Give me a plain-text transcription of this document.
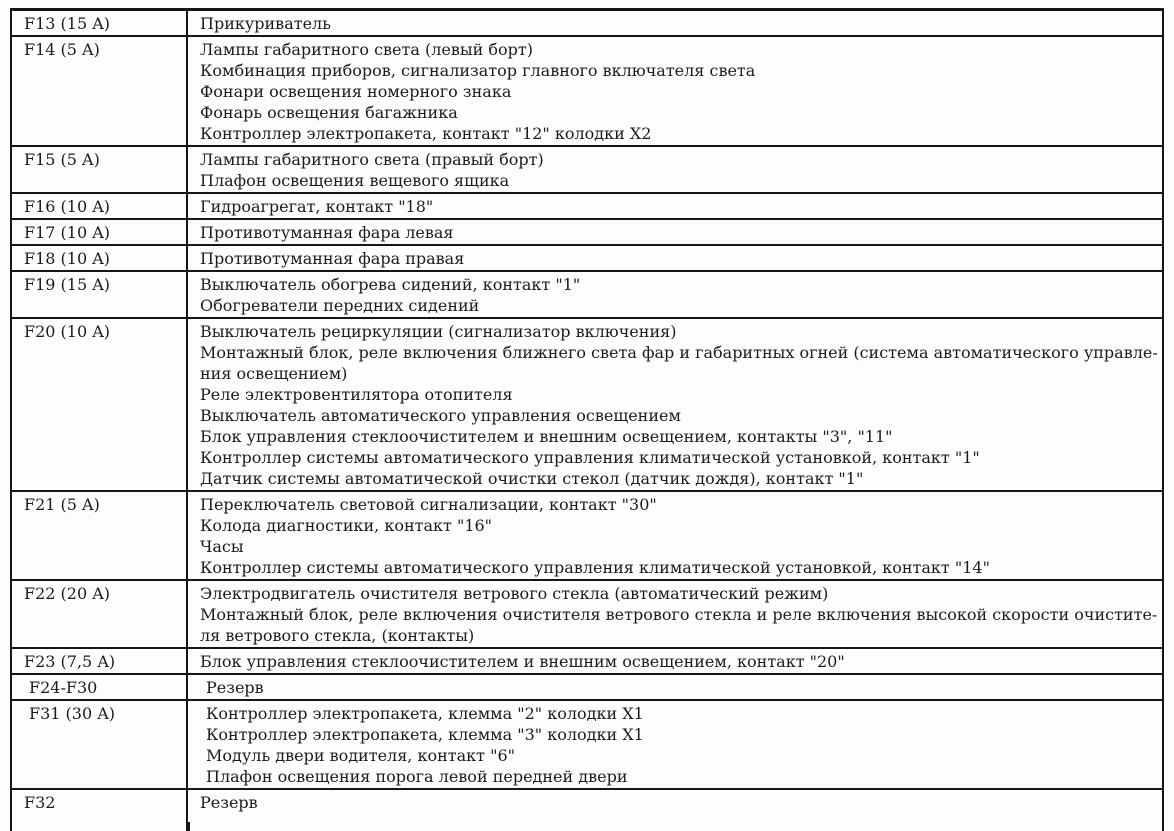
F13 (15 A)	Прикуриватель
F14 (5 A)	Лампы габаритного света (левый борт)
Комбинация приборов, сигнализатор главного включателя света
Фонари освещения номерного знака
Фонарь освещения багажника
Контроллер электропакета, контакт "12" колодки Х2
F15 (5 A)	Лампы габаритного света (правый борт)
Плафон освещения вещевого ящика
F16 (10 A)	Гидроагрегат, контакт "18"
F17 (10 A)	Противотуманная фара левая
F18 (10 A)	Противотуманная фара правая
F19 (15 A)	Выключатель обогрева сидений, контакт "1"
Обогреватели передних сидений
F20 (10 A)	Выключатель рециркуляции (сигнализатор включения)
Монтажный блок, реле включения ближнего света фар и габаритных огней (система автоматического управле-
ния освещением)
Реле электровентилятора отопителя
Выключатель автоматического управления освещением
Блок управления стеклоочистителем и внешним освещением, контакты "3", "11"
Контроллер системы автоматического управления климатической установкой, контакт "1"
Датчик системы автоматической очистки стекол (датчик дождя), контакт "1"
F21 (5 A)	Переключатель световой сигнализации, контакт "30"
Колода диагностики, контакт "16"
Часы
Контроллер системы автоматического управления климатической установкой, контакт "14"
F22 (20 A)	Электродвигатель очистителя ветрового стекла (автоматический режим)
Монтажный блок, реле включения очистителя ветрового стекла и реле включения высокой скорости очистите-
ля ветрового стекла, (контакты)
F23 (7,5 A)	Блок управления стеклоочистителем и внешним освещением, контакт "20"
F24-F30	Резерв
F31 (30 A)	Контроллер электропакета, клемма "2" колодки Х1
Контроллер электропакета, клемма "3" колодки Х1
Модуль двери водителя, контакт "6"
Плафон освещения порога левой передней двери
F32	Резерв
